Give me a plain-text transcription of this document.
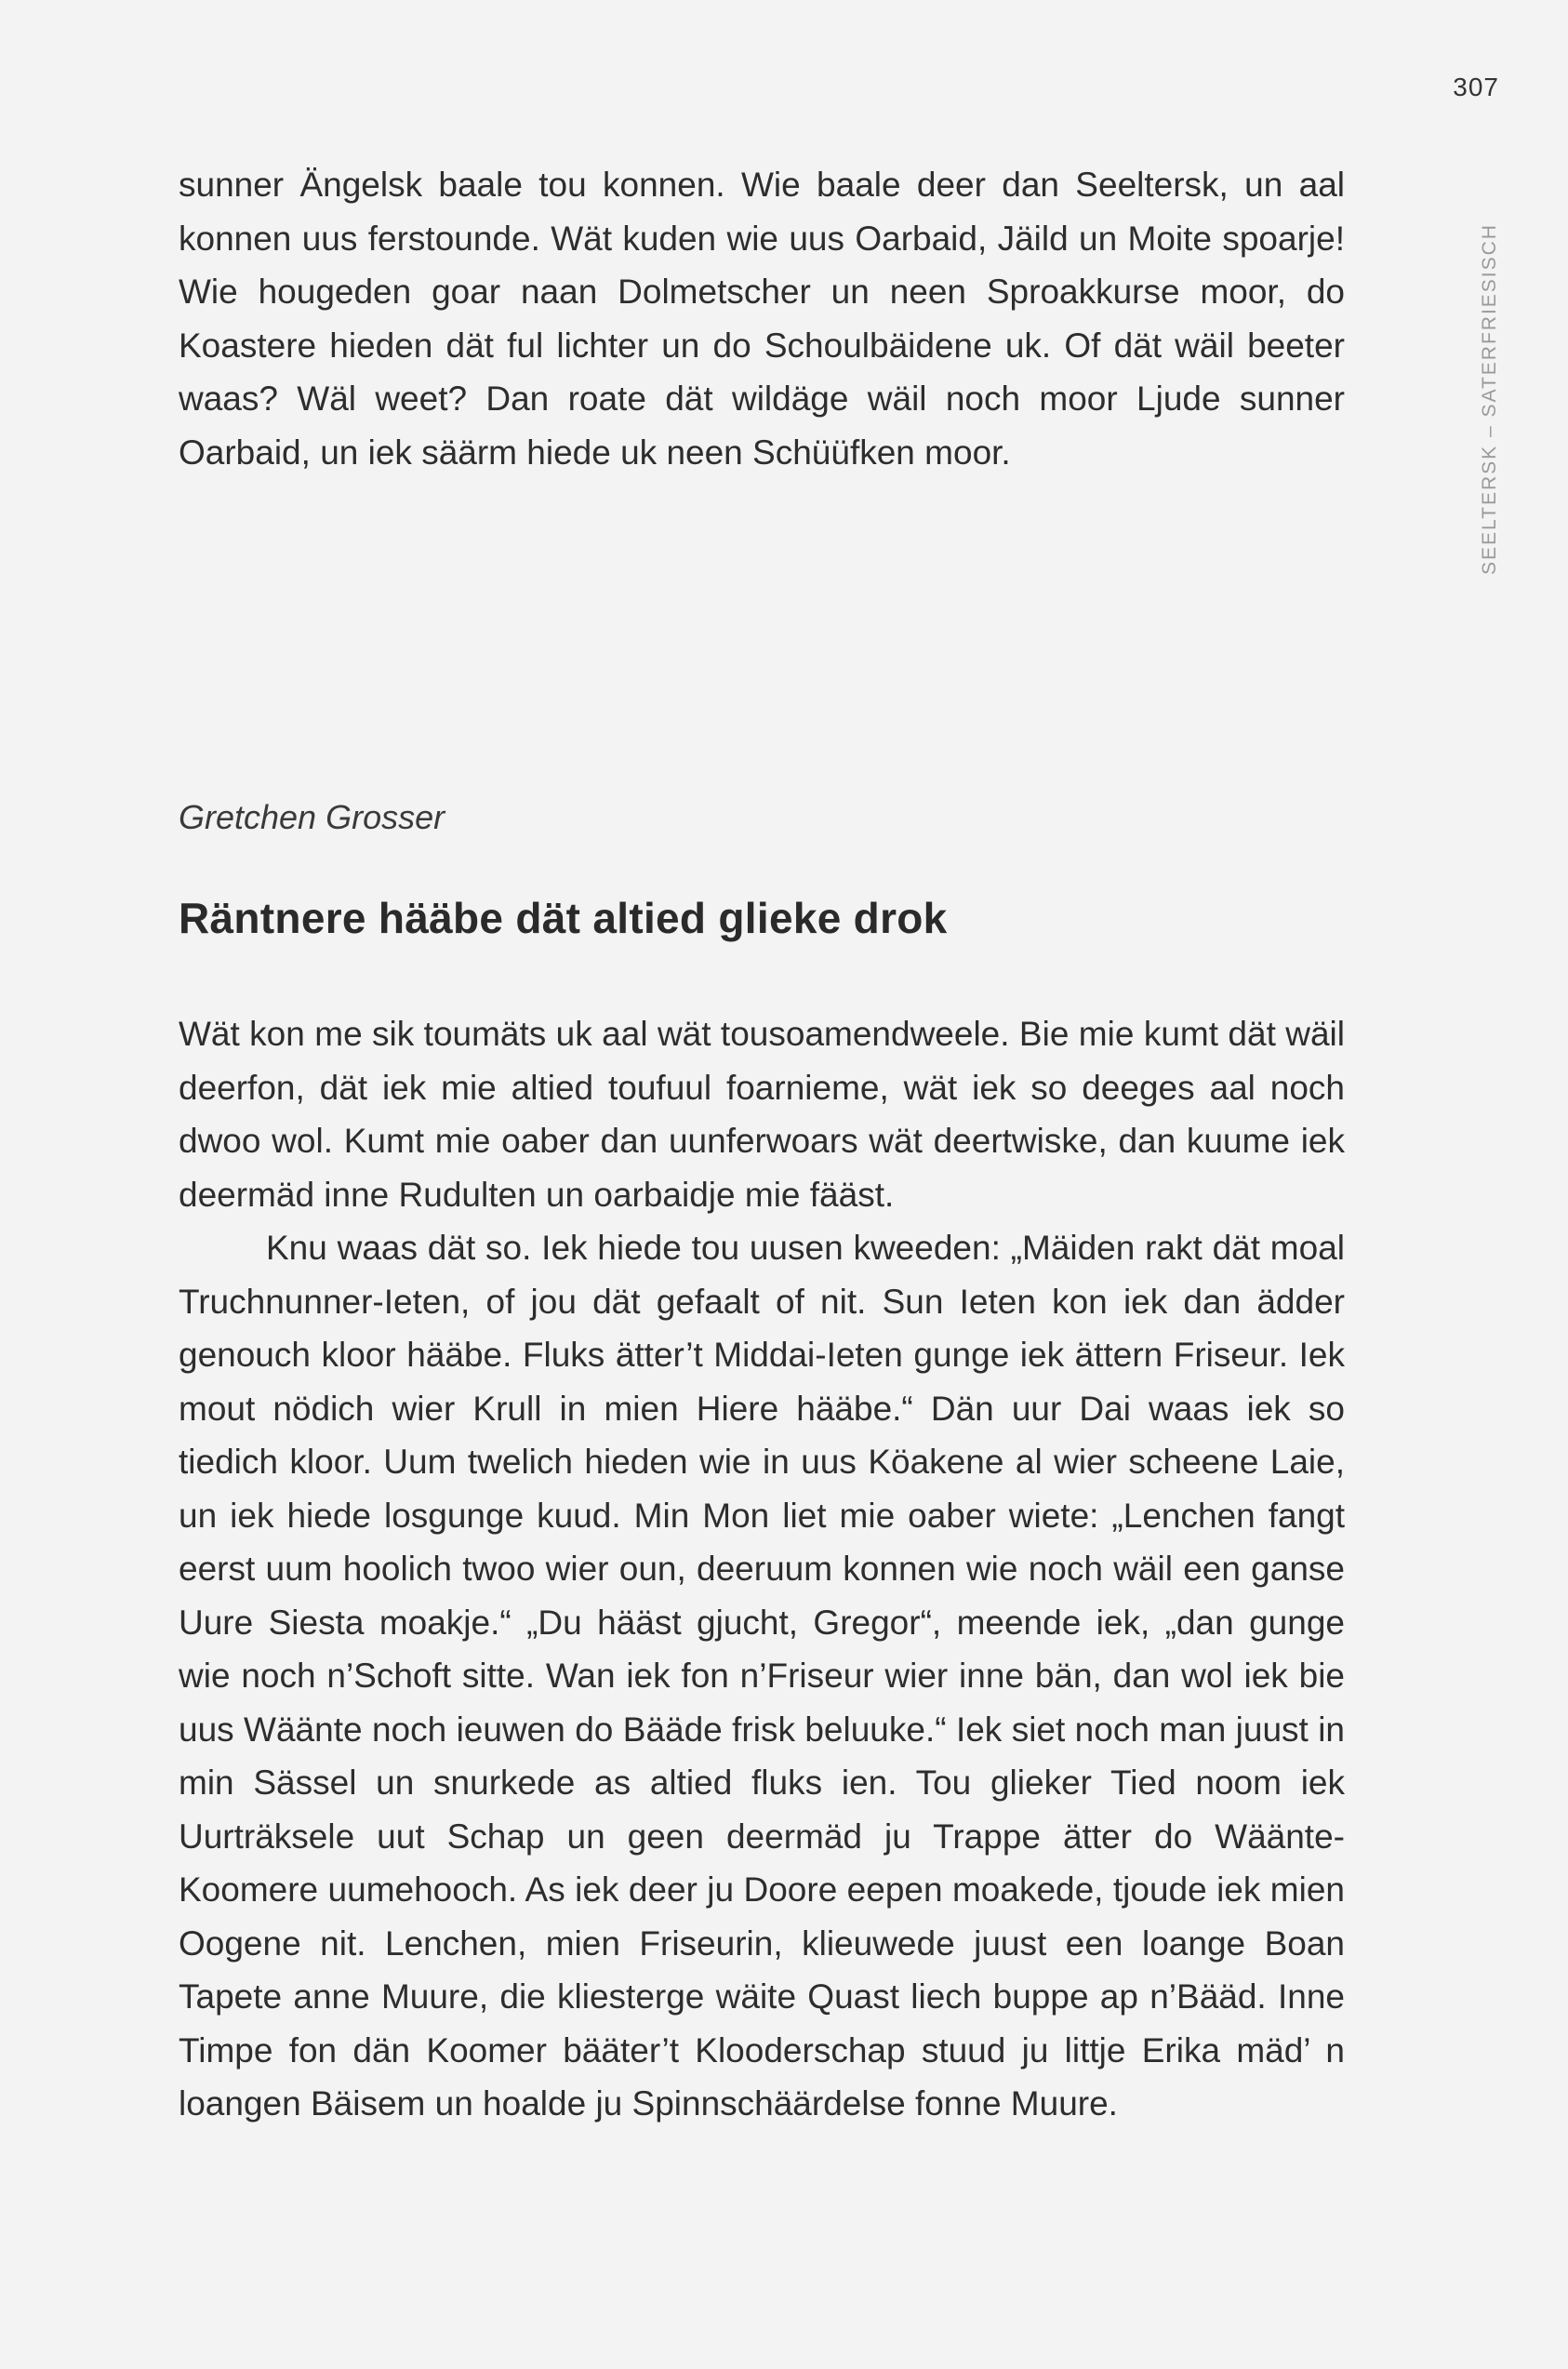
307
SEELTERSK – SATERFRIESISCH

sunner Ängelsk baale tou konnen. Wie baale deer dan Seeltersk, un aal konnen uus ferstounde. Wät kuden wie uus Oarbaid, Jäild un Moite spoarje! Wie hougeden goar naan Dolmetscher un neen Sproakkurse moor, do Koastere hieden dät ful lichter un do Schoulbäidene uk. Of dät wäil beeter waas? Wäl weet? Dan roate dät wildäge wäil noch moor Ljude sunner Oarbaid, un iek säärm hiede uk neen Schüüfken moor.

Gretchen Grosser
Räntnere hääbe dät altied glieke drok

Wät kon me sik toumäts uk aal wät tousoamendweele. Bie mie kumt dät wäil deerfon, dät iek mie altied toufuul foarnieme, wät iek so deeges aal noch dwoo wol. Kumt mie oaber dan uunferwoars wät deertwiske, dan kuume iek deermäd inne Rudulten un oarbaidje mie fääst.

Knu waas dät so. Iek hiede tou uusen kweeden: „Mäiden rakt dät moal Truchnunner-Ieten, of jou dät gefaalt of nit. Sun Ieten kon iek dan ädder genouch kloor hääbe. Fluks ätter’t Middai-Ieten gunge iek ättern Friseur. Iek mout nödich wier Krull in mien Hiere hääbe.“ Dän uur Dai waas iek so tiedich kloor. Uum twelich hieden wie in uus Köakene al wier scheene Laie, un iek hiede losgunge kuud. Min Mon liet mie oaber wiete: „Lenchen fangt eerst uum hoolich twoo wier oun, deeruum konnen wie noch wäil een ganse Uure Siesta moakje.“ „Du hääst gjucht, Gregor“, meende iek, „dan gunge wie noch n’Schoft sitte. Wan iek fon n’Friseur wier inne bän, dan wol iek bie uus Wäänte noch ieuwen do Bääde frisk beluuke.“ Iek siet noch man juust in min Sässel un snurkede as altied fluks ien. Tou glieker Tied noom iek Uurträksele uut Schap un geen deermäd ju Trappe ätter do Wäänte-Koomere uumehooch. As iek deer ju Doore eepen moakede, tjoude iek mien Oogene nit. Lenchen, mien Friseurin, klieuwede juust een loange Boan Tapete anne Muure, die kliesterge wäite Quast liech buppe ap n’Bääd. Inne Timpe fon dän Koomer bääter’t Klooderschap stuud ju littje Erika mäd’ n loangen Bäisem un hoalde ju Spinnschäärdelse fonne Muure.
